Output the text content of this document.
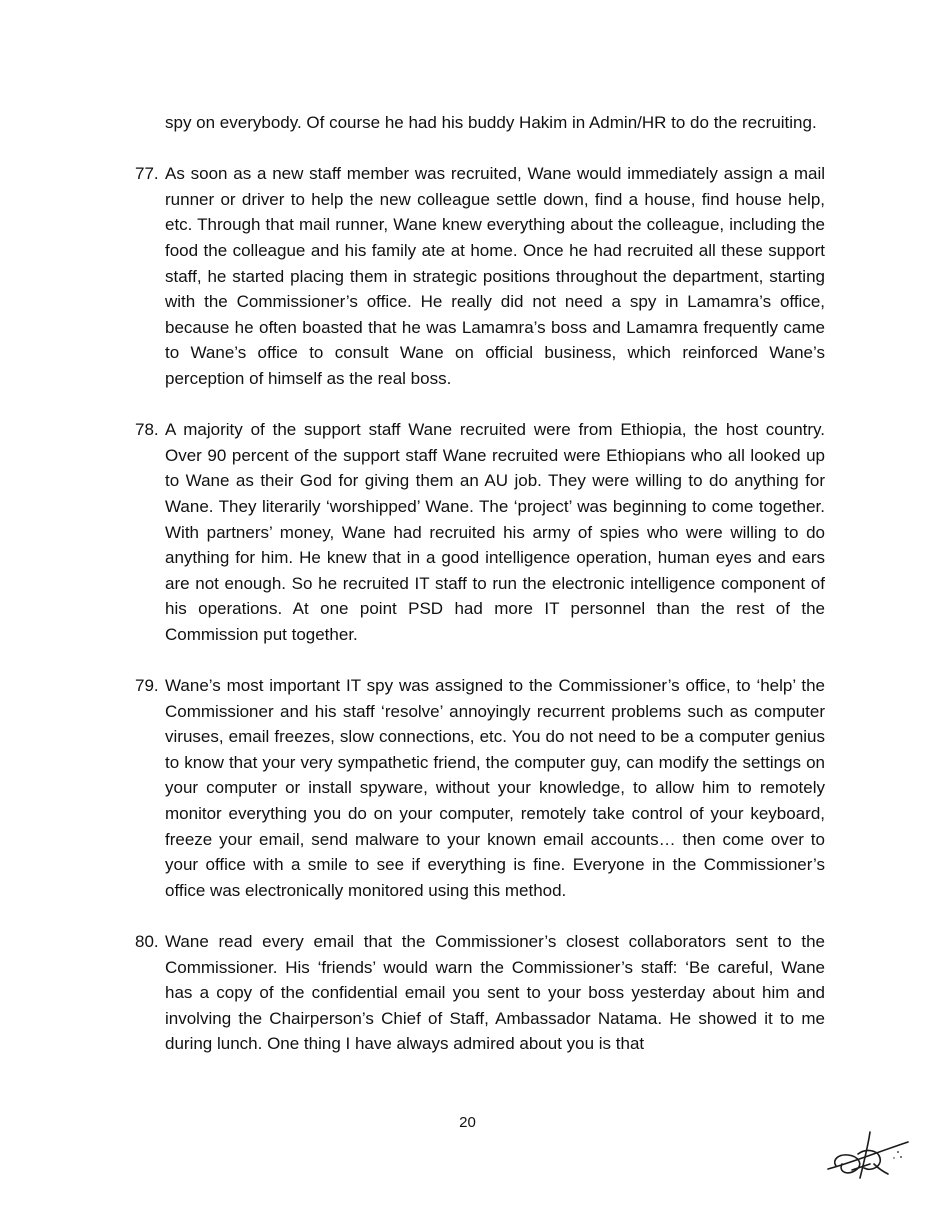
spy on everybody. Of course he had his buddy Hakim in Admin/HR to do the recruiting.

77. As soon as a new staff member was recruited, Wane would immediately assign a mail runner or driver to help the new colleague settle down, find a house, find house help, etc. Through that mail runner, Wane knew everything about the colleague, including the food the colleague and his family ate at home. Once he had recruited all these support staff, he started placing them in strategic positions throughout the department, starting with the Commissioner’s office. He really did not need a spy in Lamamra’s office, because he often boasted that he was Lamamra’s boss and Lamamra frequently came to Wane’s office to consult Wane on official business, which reinforced Wane’s perception of himself as the real boss.
78. A majority of the support staff Wane recruited were from Ethiopia, the host country. Over 90 percent of the support staff Wane recruited were Ethiopians who all looked up to Wane as their God for giving them an AU job. They were willing to do anything for Wane. They literarily ‘worshipped’ Wane. The ‘project’ was beginning to come together. With partners’ money, Wane had recruited his army of spies who were willing to do anything for him. He knew that in a good intelligence operation, human eyes and ears are not enough. So he recruited IT staff to run the electronic intelligence component of his operations. At one point PSD had more IT personnel than the rest of the Commission put together.
79. Wane’s most important IT spy was assigned to the Commissioner’s office, to ‘help’ the Commissioner and his staff ‘resolve’ annoyingly recurrent problems such as computer viruses, email freezes, slow connections, etc. You do not need to be a computer genius to know that your very sympathetic friend, the computer guy, can modify the settings on your computer or install spyware, without your knowledge, to allow him to remotely monitor everything you do on your computer, remotely take control of your keyboard, freeze your email, send malware to your known email accounts… then come over to your office with a smile to see if everything is fine. Everyone in the Commissioner’s office was electronically monitored using this method.
80. Wane read every email that the Commissioner’s closest collaborators sent to the Commissioner. His ‘friends’ would warn the Commissioner’s staff: ‘Be careful, Wane has a copy of the confidential email you sent to your boss yesterday about him and involving the Chairperson’s Chief of Staff, Ambassador Natama. He showed it to me during lunch. One thing I have always admired about you is that
20
